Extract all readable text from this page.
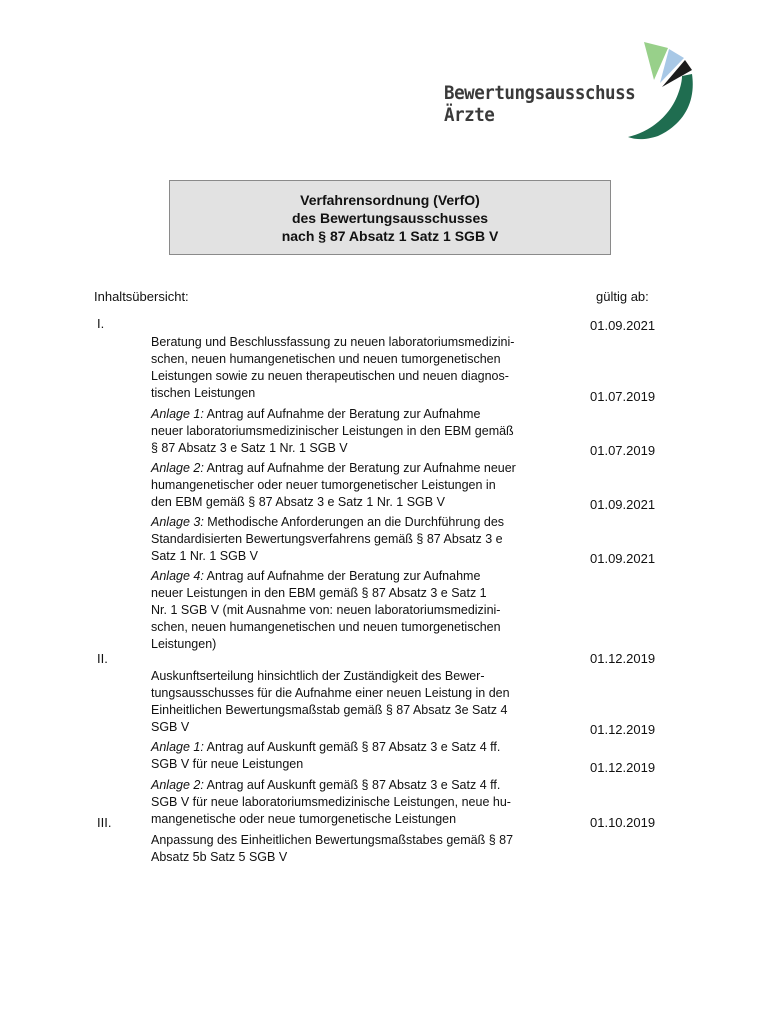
Bewertungsausschuss
Ärzte
Verfahrensordnung (VerfO)
des Bewertungsausschusses
nach § 87 Absatz 1 Satz 1 SGB V
Inhaltsübersicht:	gültig ab:
I.

Beratung und Beschlussfassung zu neuen laboratoriumsmedizini-
schen, neuen humangenetischen und neuen tumorgenetischen
Leistungen sowie zu neuen therapeutischen und neuen diagnos-
tischen Leistungen

01.09.2021

Anlage 1: Antrag auf Aufnahme der Beratung zur Aufnahme
neuer laboratoriumsmedizinischer Leistungen in den EBM gemäß
§ 87 Absatz 3 e Satz 1 Nr. 1 SGB V

01.07.2019

Anlage 2: Antrag auf Aufnahme der Beratung zur Aufnahme neuer
humangenetischer oder neuer tumorgenetischer Leistungen in
den EBM gemäß § 87 Absatz 3 e Satz 1 Nr. 1 SGB V

01.07.2019

Anlage 3: Methodische Anforderungen an die Durchführung des
Standardisierten Bewertungsverfahrens gemäß § 87 Absatz 3 e
Satz 1 Nr. 1 SGB V

01.09.2021

Anlage 4: Antrag auf Aufnahme der Beratung zur Aufnahme
neuer Leistungen in den EBM gemäß § 87 Absatz 3 e Satz 1
Nr. 1 SGB V (mit Ausnahme von: neuen laboratoriumsmedizini-
schen, neuen humangenetischen und neuen tumorgenetischen
Leistungen)

01.09.2021
II.

Auskunftserteilung hinsichtlich der Zuständigkeit des Bewer-
tungsausschusses für die Aufnahme einer neuen Leistung in den
Einheitlichen Bewertungsmaßstab gemäß § 87 Absatz 3e Satz 4
SGB V

01.12.2019

Anlage 1: Antrag auf Auskunft gemäß § 87 Absatz 3 e Satz 4 ff.
SGB V für neue Leistungen

01.12.2019

Anlage 2: Antrag auf Auskunft gemäß § 87 Absatz 3 e Satz 4 ff.
SGB V für neue laboratoriumsmedizinische Leistungen, neue hu-
mangenetische oder neue tumorgenetische Leistungen

01.12.2019
III.

Anpassung des Einheitlichen Bewertungsmaßstabes gemäß § 87
Absatz 5b Satz 5 SGB V

01.10.2019
